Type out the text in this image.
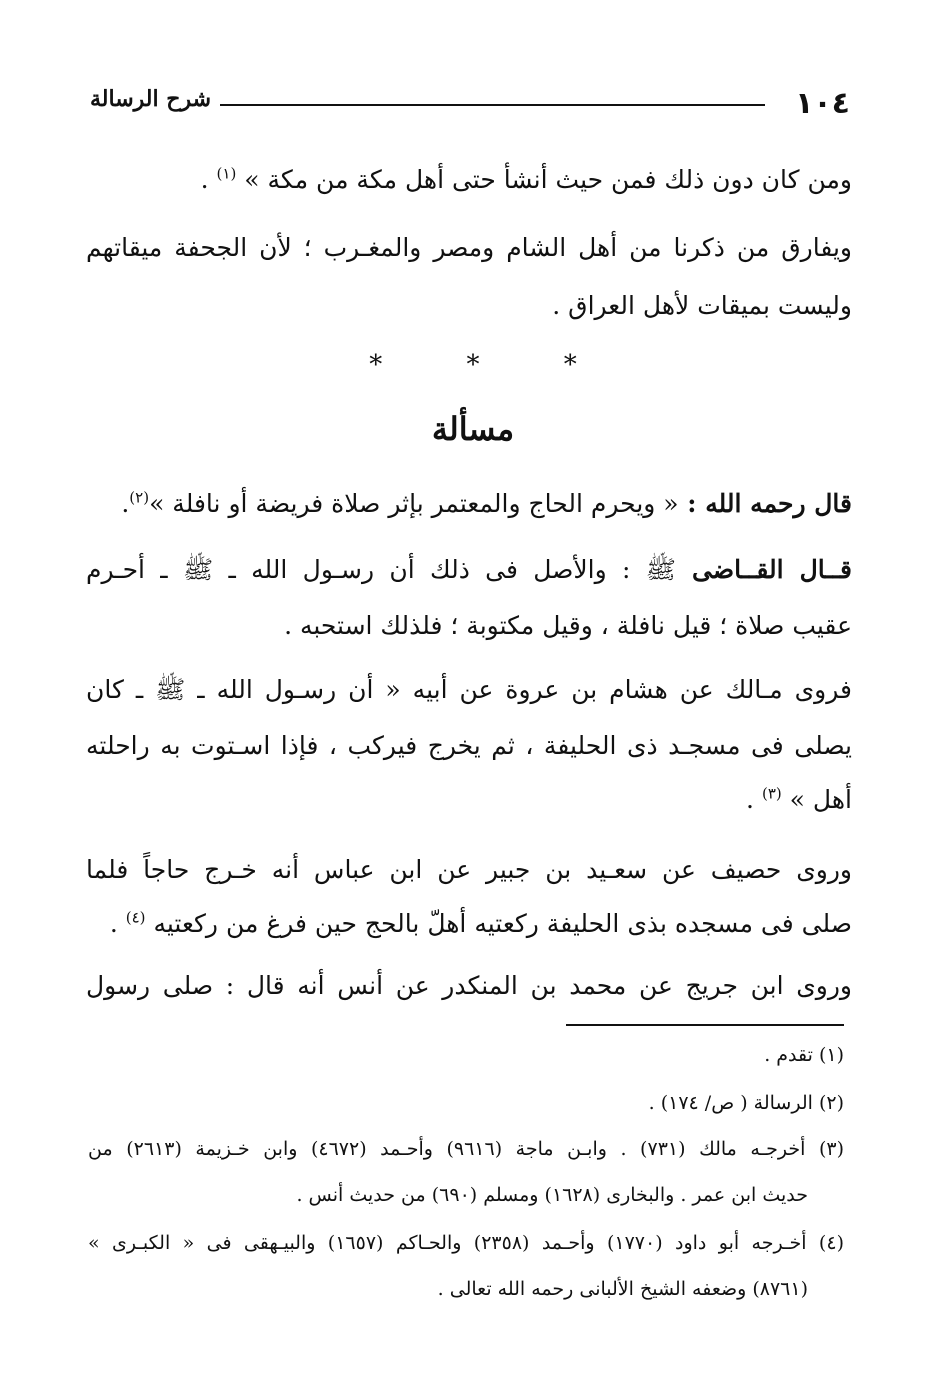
١٠٤
شرح الرسالة
ومن كان دون ذلك فمن حيث أنشأ حتى أهل مكة من مكة » $^{(١)}$ .
ويفارق من ذكرنا من أهل الشام ومصر والمغـرب ؛ لأن الجحفة ميقاتهم
وليست بميقات لأهل العراق .
* * *
مسألة
قال رحمه الله : « ويحرم الحاج والمعتمر بإثر صلاة فريضة أو نافلة »$^{(٢)}$.
قــال القــاضى ﷺ : والأصل فى ذلك أن رسـول الله ـ ﷺ ـ أحـرم
عقيب صلاة ؛ قيل نافلة ، وقيل مكتوبة ؛ فلذلك استحبه .
فروى مـالك عن هشام بن عروة عن أبيه « أن رسـول الله ـ ﷺ ـ كان
يصلى فى مسجـد ذى الحليفة ، ثم يخرج فيركب ، فإذا اسـتوت به راحلته
أهل » $^{(٣)}$ .
وروى حصيف عن سعـيد بن جبير عن ابن عباس أنه خـرج حاجاً فلما
صلى فى مسجده بذى الحليفة ركعتيه أهلّ بالحج حين فرغ من ركعتيه $^{(٤)}$ .
وروى ابن جريج عن محمد بن المنكدر عن أنس أنه قال : صلى رسول
(١) تقدم .
(٢) الرسالة ( ص/ ١٧٤) .
(٣) أخرجـه مالك (٧٣١) . وابـن ماجة (٩٦١٦) وأحـمد (٤٦٧٢) وابن خـزيمة (٢٦١٣) من
حديث ابن عمر . والبخارى (١٦٢٨) ومسلم (٦٩٠) من حديث أنس .
(٤) أخـرجه أبو داود (١٧٧٠) وأحـمد (٢٣٥٨) والحـاكم (١٦٥٧) والبيـهقى فى « الكبـرى »
(٨٧٦١) وضعفه الشيخ الألبانى رحمه الله تعالى .
